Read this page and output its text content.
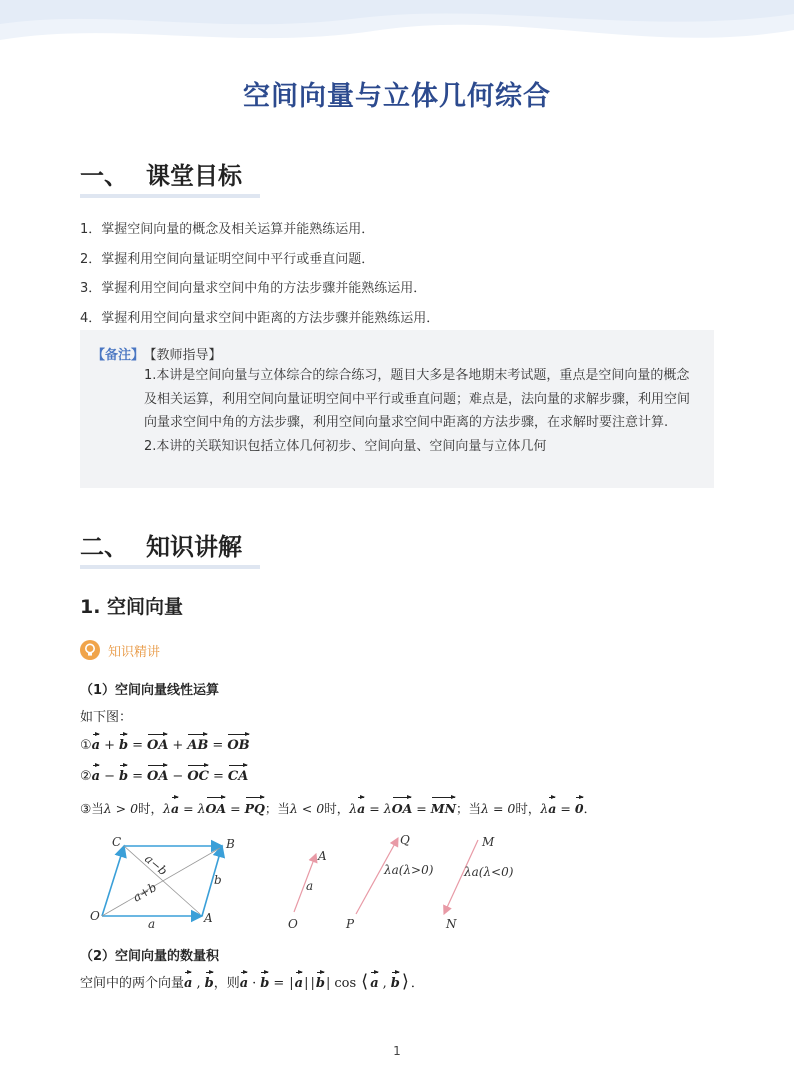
空间向量与立体几何综合
一、 课堂目标
1．掌握空间向量的概念及相关运算并能熟练运用．
2．掌握利用空间向量证明空间中平行或垂直问题．
3．掌握利用空间向量求空间中角的方法步骤并能熟练运用．
4．掌握利用空间向量求空间中距离的方法步骤并能熟练运用．
【备注】 【教师指导】

1.本讲是空间向量与立体综合的综合练习，题目大多是各地期末考试题，重点是空间向量的概念及相关运算，利用空间向量证明空间中平行或垂直问题；难点是，法向量的求解步骤，利用空间向量求空间中角的方法步骤，利用空间向量求空间中距离的方法步骤，在求解时要注意计算.

2.本讲的关联知识包括立体几何初步、空间向量、空间向量与立体几何

二、 知识讲解
1. 空间向量
知识精讲
（1）空间向量线性运算
如下图：
①a + b = OA + AB = OB
②a − b = OA − OC = CA
③当λ > 0时，λa = λOA = PQ；当λ < 0时，λa = λOA = MN；当λ = 0时，λa = 0．
O	A
B
C
a
b
a+b
a−b
O
A
a
P
Q
λa(λ>0)
M
N
λa(λ<0)
（2）空间向量的数量积
空间中的两个向量a , b，则a · b = |a| |b| cos ⟨ a , b ⟩ ．
1
